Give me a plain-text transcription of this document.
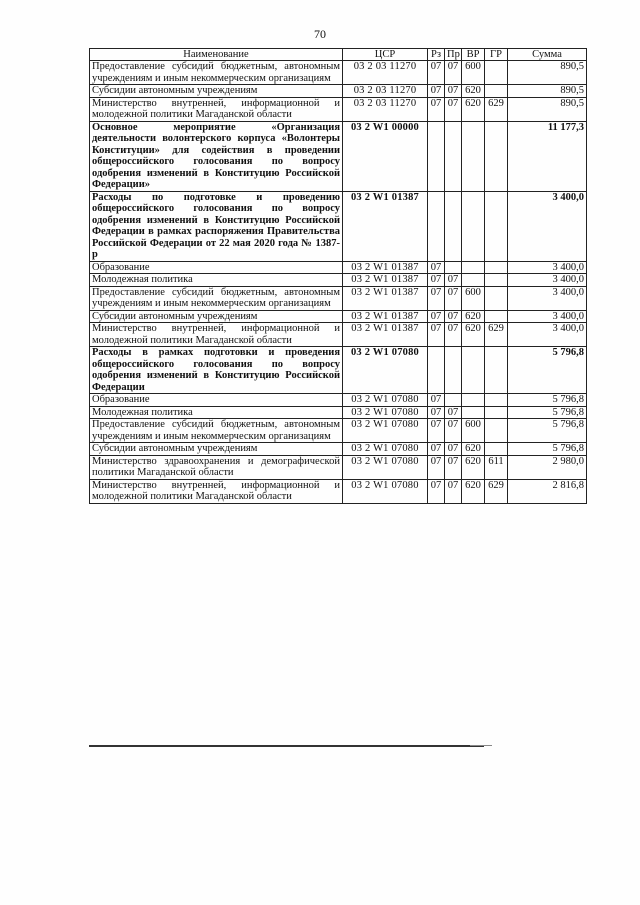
70
Наименование	ЦСР	Рз	Пр	ВР	ГР	Сумма
Предоставление субсидий бюджетным, автономным учреждениям и иным некоммерческим организациям	03 2 03 11270	07	07	600		890,5
Субсидии автономным учреждениям	03 2 03 11270	07	07	620		890,5
Министерство внутренней, информационной и молодежной политики Магаданской области	03 2 03 11270	07	07	620	629	890,5
Основное мероприятие «Организация деятельности волонтерского корпуса «Волонтеры Конституции» для содействия в проведении общероссийского голосования по вопросу одобрения изменений в Конституцию Российской Федерации»	03 2 W1 00000					11 177,3
Расходы по подготовке и проведению общероссийского голосования по вопросу одобрения изменений в Конституцию Российской Федерации в рамках распоряжения Правительства Российской Федерации от 22 мая 2020 года № 1387-р	03 2 W1 01387					3 400,0
Образование	03 2 W1 01387	07				3 400,0
Молодежная политика	03 2 W1 01387	07	07			3 400,0
Предоставление субсидий бюджетным, автономным учреждениям и иным некоммерческим организациям	03 2 W1 01387	07	07	600		3 400,0
Субсидии автономным учреждениям	03 2 W1 01387	07	07	620		3 400,0
Министерство внутренней, информационной и молодежной политики Магаданской области	03 2 W1 01387	07	07	620	629	3 400,0
Расходы в рамках подготовки и проведения общероссийского голосования по вопросу одобрения изменений в Конституцию Российской Федерации	03 2 W1 07080					5 796,8
Образование	03 2 W1 07080	07				5 796,8
Молодежная политика	03 2 W1 07080	07	07			5 796,8
Предоставление субсидий бюджетным, автономным учреждениям и иным некоммерческим организациям	03 2 W1 07080	07	07	600		5 796,8
Субсидии автономным учреждениям	03 2 W1 07080	07	07	620		5 796,8
Министерство здравоохранения и демографической политики Магаданской области	03 2 W1 07080	07	07	620	611	2 980,0
Министерство внутренней, информационной и молодежной политики Магаданской области	03 2 W1 07080	07	07	620	629	2 816,8
